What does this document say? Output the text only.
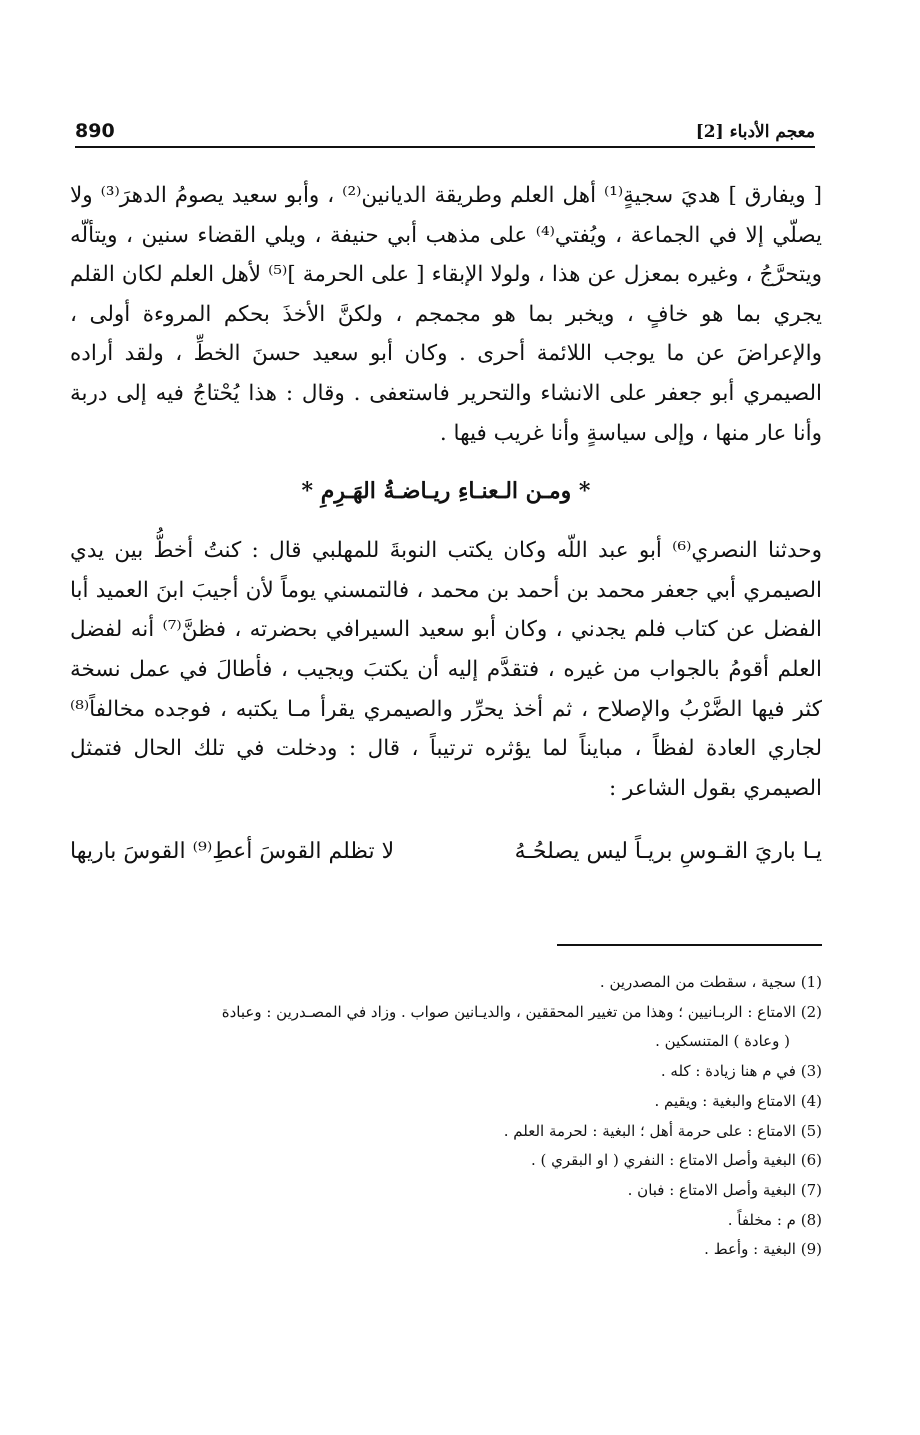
890	معجم الأدباء [2]

[ ويفارق ] هديَ سجيةٍ⁽¹⁾ أهل العلم وطريقة الديانين⁽²⁾ ، وأبو سعيد يصومُ الدهرَ⁽³⁾ ولا يصلّي إلا في الجماعة ، ويُفتي⁽⁴⁾ على مذهب أبي حنيفة ، ويلي القضاء سنين ، ويتألّه ويتحرَّجُ ، وغيره بمعزل عن هذا ، ولولا الإبقاء [ على الحرمة ]⁽⁵⁾ لأهل العلم لكان القلم يجري بما هو خافٍ ، ويخبر بما هو مجمجم ، ولكنَّ الأخذَ بحكم المروءة أولى ، والإعراضَ عن ما يوجب اللائمة أحرى . وكان أبو سعيد حسنَ الخطِّ ، ولقد أراده الصيمري أبو جعفر على الانشاء والتحرير فاستعفى . وقال : هذا يُحْتاجُ فيه إلى دربة وأنا عار منها ، وإلى سياسةٍ وأنا غريب فيها .

* ومـن الـعنـاءِ ريـاضـةُ الهَـرِمِ *

وحدثنا النصري⁽⁶⁾ أبو عبد اللّه وكان يكتب النوبةَ للمهلبي قال : كنتُ أخطُّ بين يدي الصيمري أبي جعفر محمد بن أحمد بن محمد ، فالتمسني يوماً لأن أجيبَ ابنَ العميد أبا الفضل عن كتاب فلم يجدني ، وكان أبو سعيد السيرافي بحضرته ، فظنَّ⁽⁷⁾ أنه لفضل العلم أقومُ بالجواب من غيره ، فتقدَّم إليه أن يكتبَ ويجيب ، فأطالَ في عمل نسخة كثر فيها الضَّرْبُ والإصلاح ، ثم أخذ يحرِّر والصيمري يقرأ مـا يكتبه ، فوجده مخالفاً⁽⁸⁾ لجاري العادة لفظاً ، مبايناً لما يؤثره ترتيباً ، قال : ودخلت في تلك الحال فتمثل الصيمري بقول الشاعر :

يـا باريَ القـوسِ بريـاً ليس يصلحُـهُ
لا تظلم القوسَ أعطِ⁽⁹⁾ القوسَ باريها

(1) سجية ، سقطت من المصدرين .

(2) الامتاع : الربـانيين ؛ وهذا من تغيير المحققين ، والديـانين صواب . وزاد في المصـدرين : وعبادة

( وعادة ) المتنسكين .

(3) في م هنا زيادة : كله .

(4) الامتاع والبغية : ويقيم .

(5) الامتاع : على حرمة أهل ؛ البغية : لحرمة العلم .

(6) البغية وأصل الامتاع : النفري ( او البقري ) .

(7) البغية وأصل الامتاع : فبان .

(8) م : مخلفاً .

(9) البغية : وأعط .
